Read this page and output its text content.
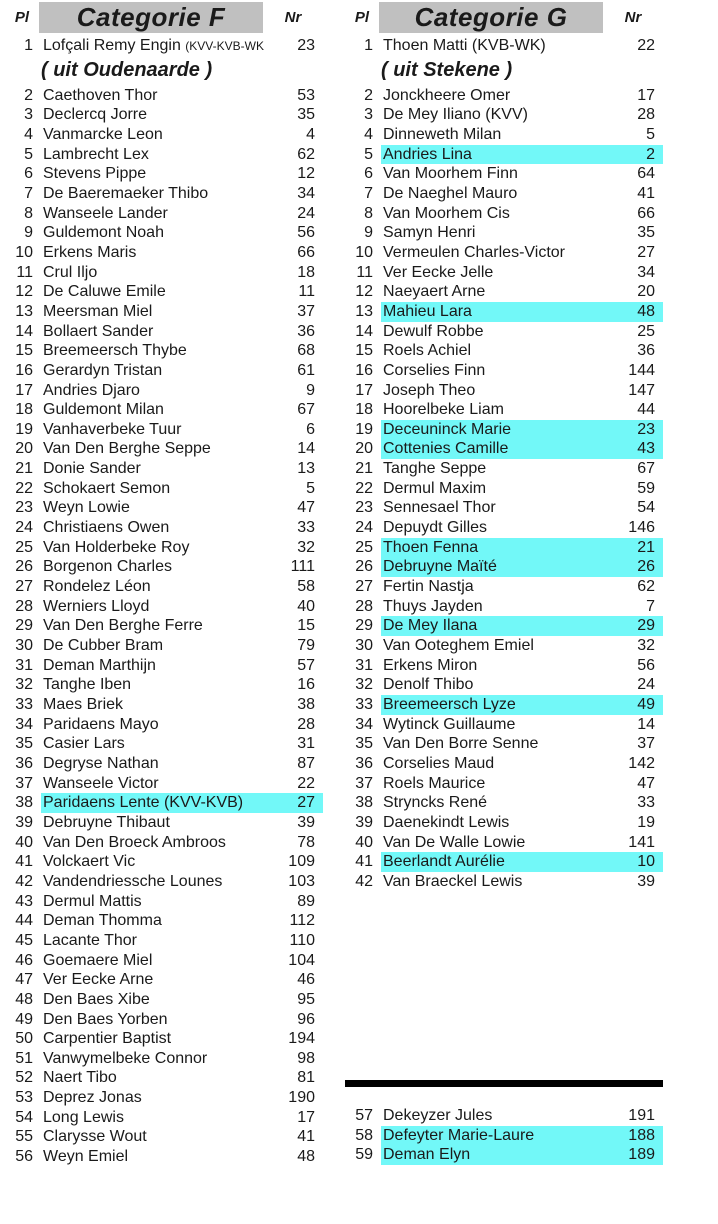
Pl	Categorie F	Nr
1 Lofçali Remy Engin (KVV-KVB-WK	23
( uit Oudenaarde )
2 Caethoven Thor	53
3 Declercq Jorre	35
4 Vanmarcke Leon	4
5 Lambrecht Lex	62
6 Stevens Pippe	12
7 De Baeremaeker Thibo	34
8 Wanseele Lander	24
9 Guldemont Noah	56
10 Erkens Maris	66
11 Crul Iljo	18
12 De Caluwe Emile	11
13 Meersman Miel	37
14 Bollaert Sander	36
15 Breemeersch Thybe	68
16 Gerardyn Tristan	61
17 Andries Djaro	9
18 Guldemont Milan	67
19 Vanhaverbeke Tuur	6
20 Van Den Berghe Seppe	14
21 Donie Sander	13
22 Schokaert Semon	5
23 Weyn Lowie	47
24 Christiaens Owen	33
25 Van Holderbeke Roy	32
26 Borgenon Charles	111
27 Rondelez Léon	58
28 Werniers Lloyd	40
29 Van Den Berghe Ferre	15
30 De Cubber Bram	79
31 Deman Marthijn	57
32 Tanghe Iben	16
33 Maes Briek	38
34 Paridaens Mayo	28
35 Casier Lars	31
36 Degryse Nathan	87
37 Wanseele Victor	22
38 Paridaens Lente (KVV-KVB)	27
39 Debruyne Thibaut	39
40 Van Den Broeck Ambroos	78
41 Volckaert Vic	109
42 Vandendriessche Lounes	103
43 Dermul Mattis	89
44 Deman Thomma	112
45 Lacante Thor	110
46 Goemaere Miel	104
47 Ver Eecke Arne	46
48 Den Baes Xibe	95
49 Den Baes Yorben	96
50 Carpentier Baptist	194
51 Vanwymelbeke Connor	98
52 Naert Tibo	81
53 Deprez Jonas	190
54 Long Lewis	17
55 Clarysse Wout	41
56 Weyn Emiel	48
Pl	Categorie G	Nr
1 Thoen Matti (KVB-WK)	22
( uit Stekene )
2 Jonckheere Omer	17
3 De Mey Iliano (KVV)	28
4 Dinneweth Milan	5
5 Andries Lina	2
6 Van Moorhem Finn	64
7 De Naeghel Mauro	41
8 Van Moorhem Cis	66
9 Samyn Henri	35
10 Vermeulen Charles-Victor	27
11 Ver Eecke Jelle	34
12 Naeyaert Arne	20
13 Mahieu Lara	48
14 Dewulf Robbe	25
15 Roels Achiel	36
16 Corselies Finn	144
17 Joseph Theo	147
18 Hoorelbeke Liam	44
19 Deceuninck Marie	23
20 Cottenies Camille	43
21 Tanghe Seppe	67
22 Dermul Maxim	59
23 Sennesael Thor	54
24 Depuydt Gilles	146
25 Thoen Fenna	21
26 Debruyne Maïté	26
27 Fertin Nastja	62
28 Thuys Jayden	7
29 De Mey Ilana	29
30 Van Ooteghem Emiel	32
31 Erkens Miron	56
32 Denolf Thibo	24
33 Breemeersch Lyze	49
34 Wytinck Guillaume	14
35 Van Den Borre Senne	37
36 Corselies Maud	142
37 Roels Maurice	47
38 Stryncks René	33
39 Daenekindt Lewis	19
40 Van De Walle Lowie	141
41 Beerlandt Aurélie	10
42 Van Braeckel Lewis	39
57 Dekeyzer Jules	191
58 Defeyter Marie-Laure	188
59 Deman Elyn	189
